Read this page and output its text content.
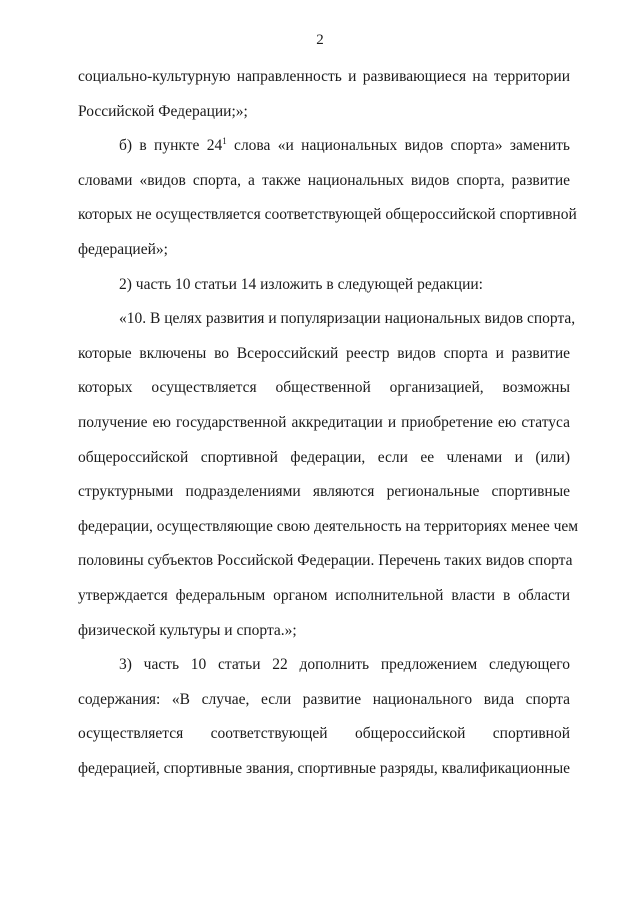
2
социально-культурную направленность и развивающиеся на территории
Российской Федерации;»;
б) в пункте $24^1$ слова «и национальных видов спорта» заменить
словами «видов спорта, а также национальных видов спорта, развитие
которых не осуществляется соответствующей общероссийской спортивной
федерацией»;
2) часть 10 статьи 14 изложить в следующей редакции:
«10. В целях развития и популяризации национальных видов спорта,
которые включены во Всероссийский реестр видов спорта и развитие
которых осуществляется общественной организацией, возможны
получение ею государственной аккредитации и приобретение ею статуса
общероссийской спортивной федерации, если ее членами и (или)
структурными подразделениями являются региональные спортивные
федерации, осуществляющие свою деятельность на территориях менее чем
половины субъектов Российской Федерации. Перечень таких видов спорта
утверждается федеральным органом исполнительной власти в области
физической культуры и спорта.»;
3) часть 10 статьи 22 дополнить предложением следующего
содержания: «В случае, если развитие национального вида спорта
осуществляется соответствующей общероссийской спортивной
федерацией, спортивные звания, спортивные разряды, квалификационные
